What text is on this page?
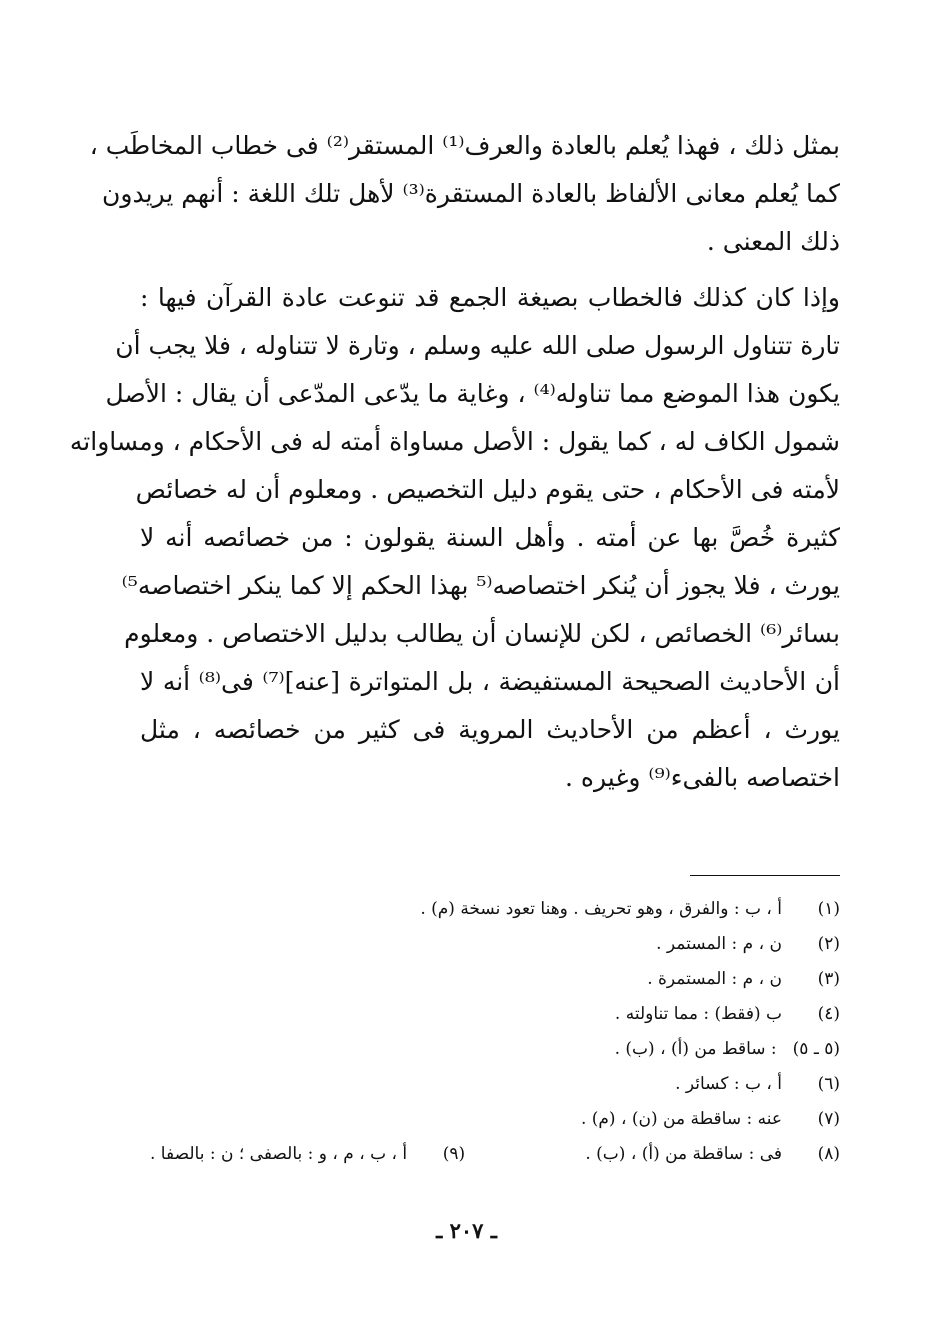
بمثل ذلك ، فهذا يُعلم بالعادة والعرف⁽¹⁾ المستقر⁽²⁾ فى خطاب المخاطَب ،
كما يُعلم معانى الألفاظ بالعادة المستقرة⁽³⁾ لأهل تلك اللغة : أنهم يريدون
ذلك المعنى .
وإذا كان كذلك فالخطاب بصيغة الجمع قد تنوعت عادة القرآن فيها :
تارة تتناول الرسول صلى الله عليه وسلم ، وتارة لا تتناوله ، فلا يجب أن
يكون هذا الموضع مما تناوله⁽⁴⁾ ، وغاية ما يدّعى المدّعى أن يقال : الأصل
شمول الكاف له ، كما يقول : الأصل مساواة أمته له فى الأحكام ، ومساواته
لأمته فى الأحكام ، حتى يقوم دليل التخصيص . ومعلوم أن له خصائص
كثيرة خُصَّ بها عن أمته . وأهل السنة يقولون : من خصائصه أنه لا
يورث ، فلا يجوز أن يُنكر اختصاصه⁽⁵ بهذا الحكم إلا كما ينكر اختصاصه⁵⁾
بسائر⁽⁶⁾ الخصائص ، لكن للإنسان أن يطالب بدليل الاختصاص . ومعلوم
أن الأحاديث الصحيحة المستفيضة ، بل المتواترة [عنه]⁽⁷⁾ فى⁽⁸⁾ أنه لا
يورث ، أعظم من الأحاديث المروية فى كثير من خصائصه ، مثل
اختصاصه بالفىء⁽⁹⁾ وغيره .
(١)أ ، ب : والفرق ، وهو تحريف . وهنا تعود نسخة (م) .
(٢)ن ، م : المستمر .
(٣)ن ، م : المستمرة .
(٤)ب (فقط) : مما تناولته .
(٥ ـ ٥): ساقط من (أ) ، (ب) .
(٦)أ ، ب : كسائر .
(٧)عنه : ساقطة من (ن) ، (م) .
(٨)فى : ساقطة من (أ) ، (ب) .
(٩)أ ، ب ، م ، و : بالصفى ؛ ن : بالصفا .
ـ ٢٠٧ ـ
